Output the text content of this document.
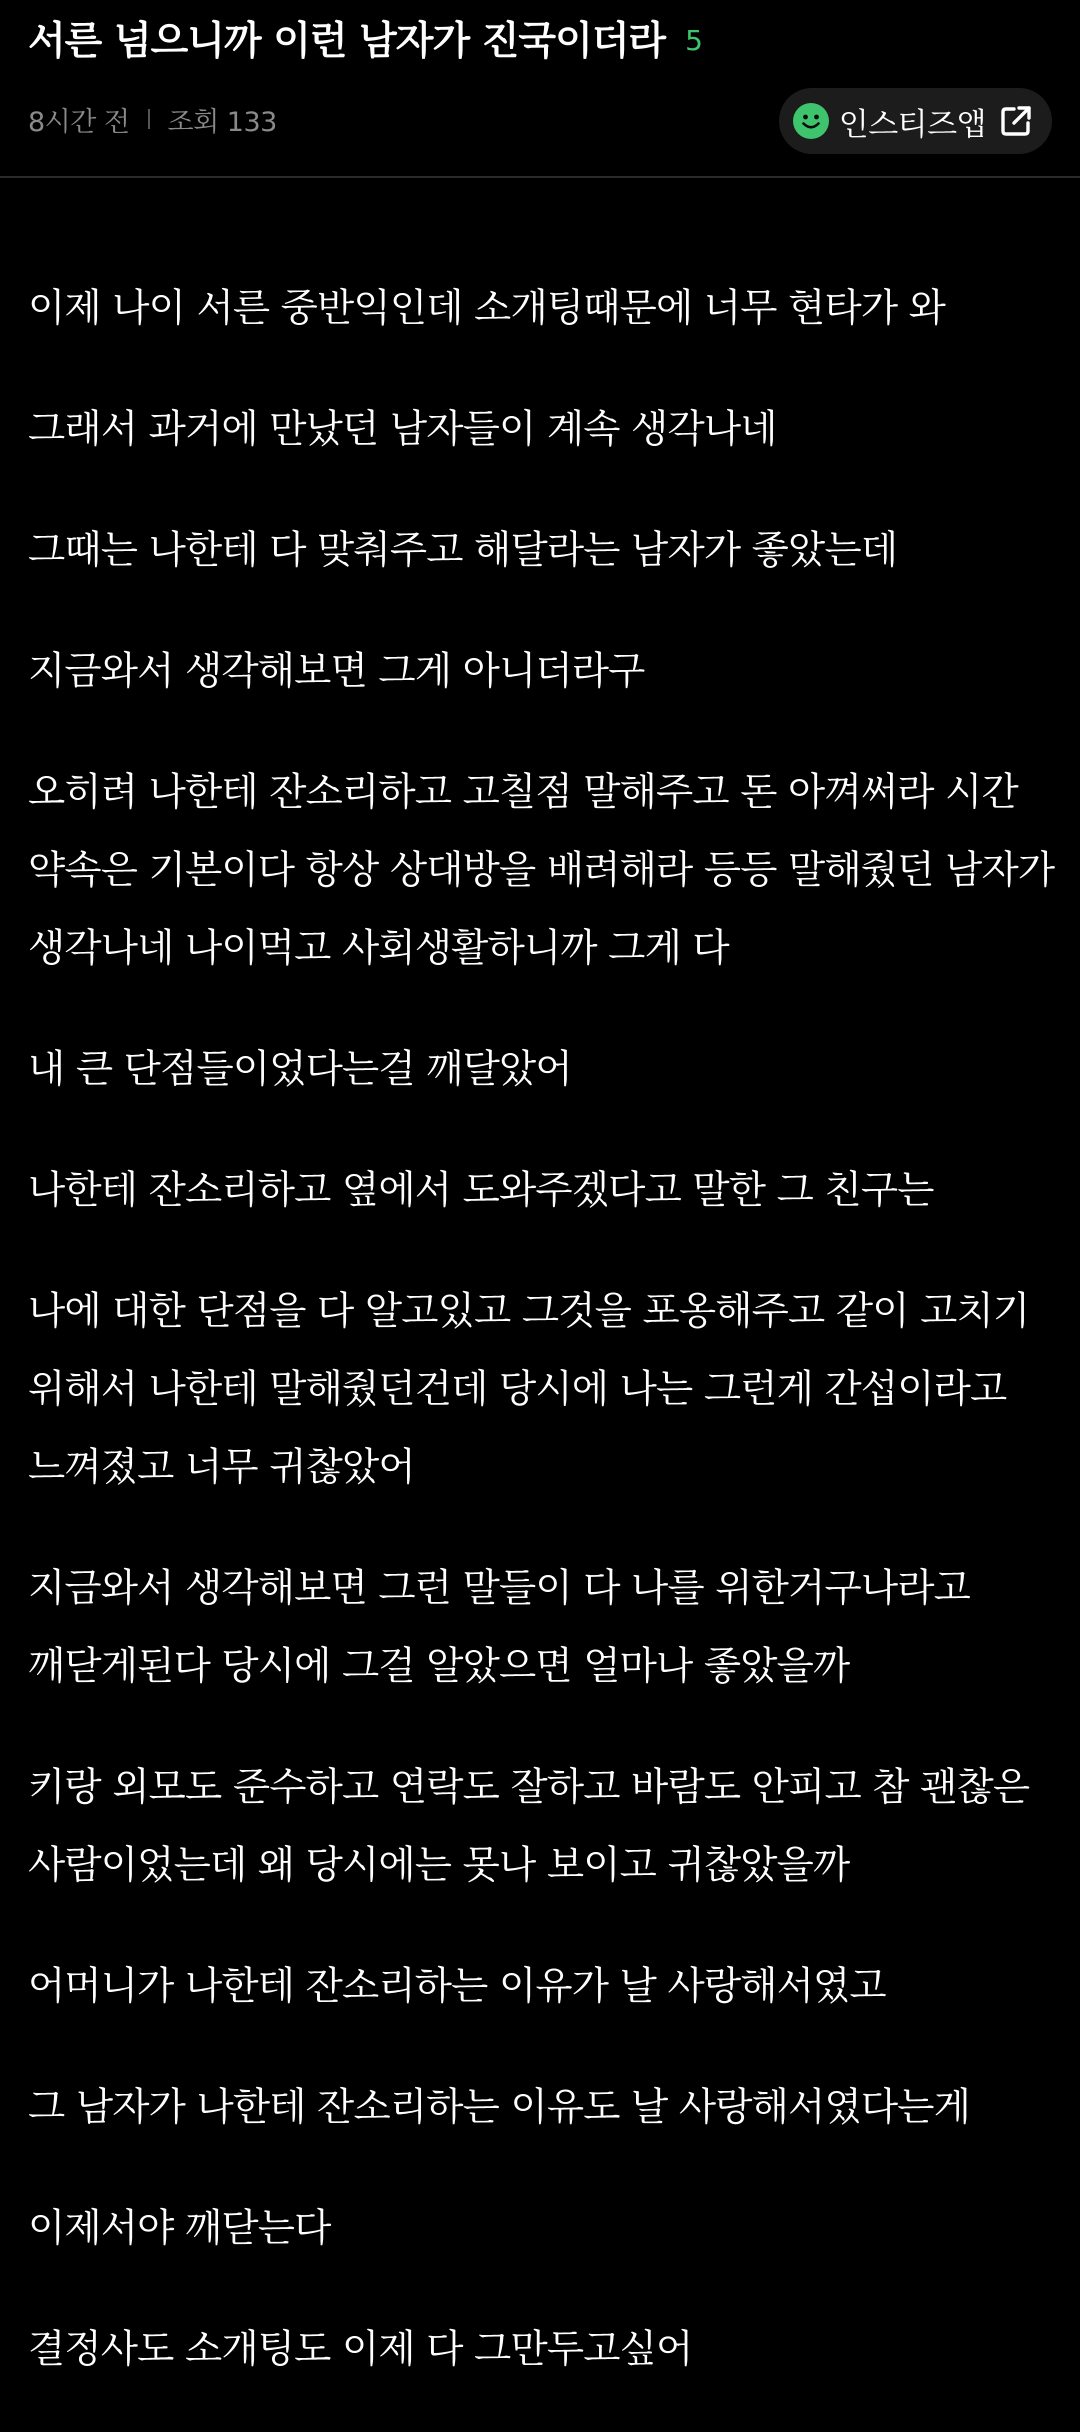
서른 넘으니까 이런 남자가 진국이더라 5
8시간 전 조회 133	인스티즈앱

이제 나이 서른 중반익인데 소개팅때문에 너무 현타가 와

그래서 과거에 만났던 남자들이 계속 생각나네

그때는 나한테 다 맞춰주고 해달라는 남자가 좋았는데

지금와서 생각해보면 그게 아니더라구

오히려 나한테 잔소리하고 고칠점 말해주고 돈 아껴써라 시간 약속은 기본이다 항상 상대방을 배려해라 등등 말해줬던 남자가 생각나네 나이먹고 사회생활하니까 그게 다

내 큰 단점들이었다는걸 깨달았어

나한테 잔소리하고 옆에서 도와주겠다고 말한 그 친구는

나에 대한 단점을 다 알고있고 그것을 포옹해주고 같이 고치기 위해서 나한테 말해줬던건데 당시에 나는 그런게 간섭이라고 느껴졌고 너무 귀찮았어

지금와서 생각해보면 그런 말들이 다 나를 위한거구나라고 깨닫게된다 당시에 그걸 알았으면 얼마나 좋았을까

키랑 외모도 준수하고 연락도 잘하고 바람도 안피고 참 괜찮은 사람이었는데 왜 당시에는 못나 보이고 귀찮았을까

어머니가 나한테 잔소리하는 이유가 날 사랑해서였고

그 남자가 나한테 잔소리하는 이유도 날 사랑해서였다는게

이제서야 깨닫는다

결정사도 소개팅도 이제 다 그만두고싶어
